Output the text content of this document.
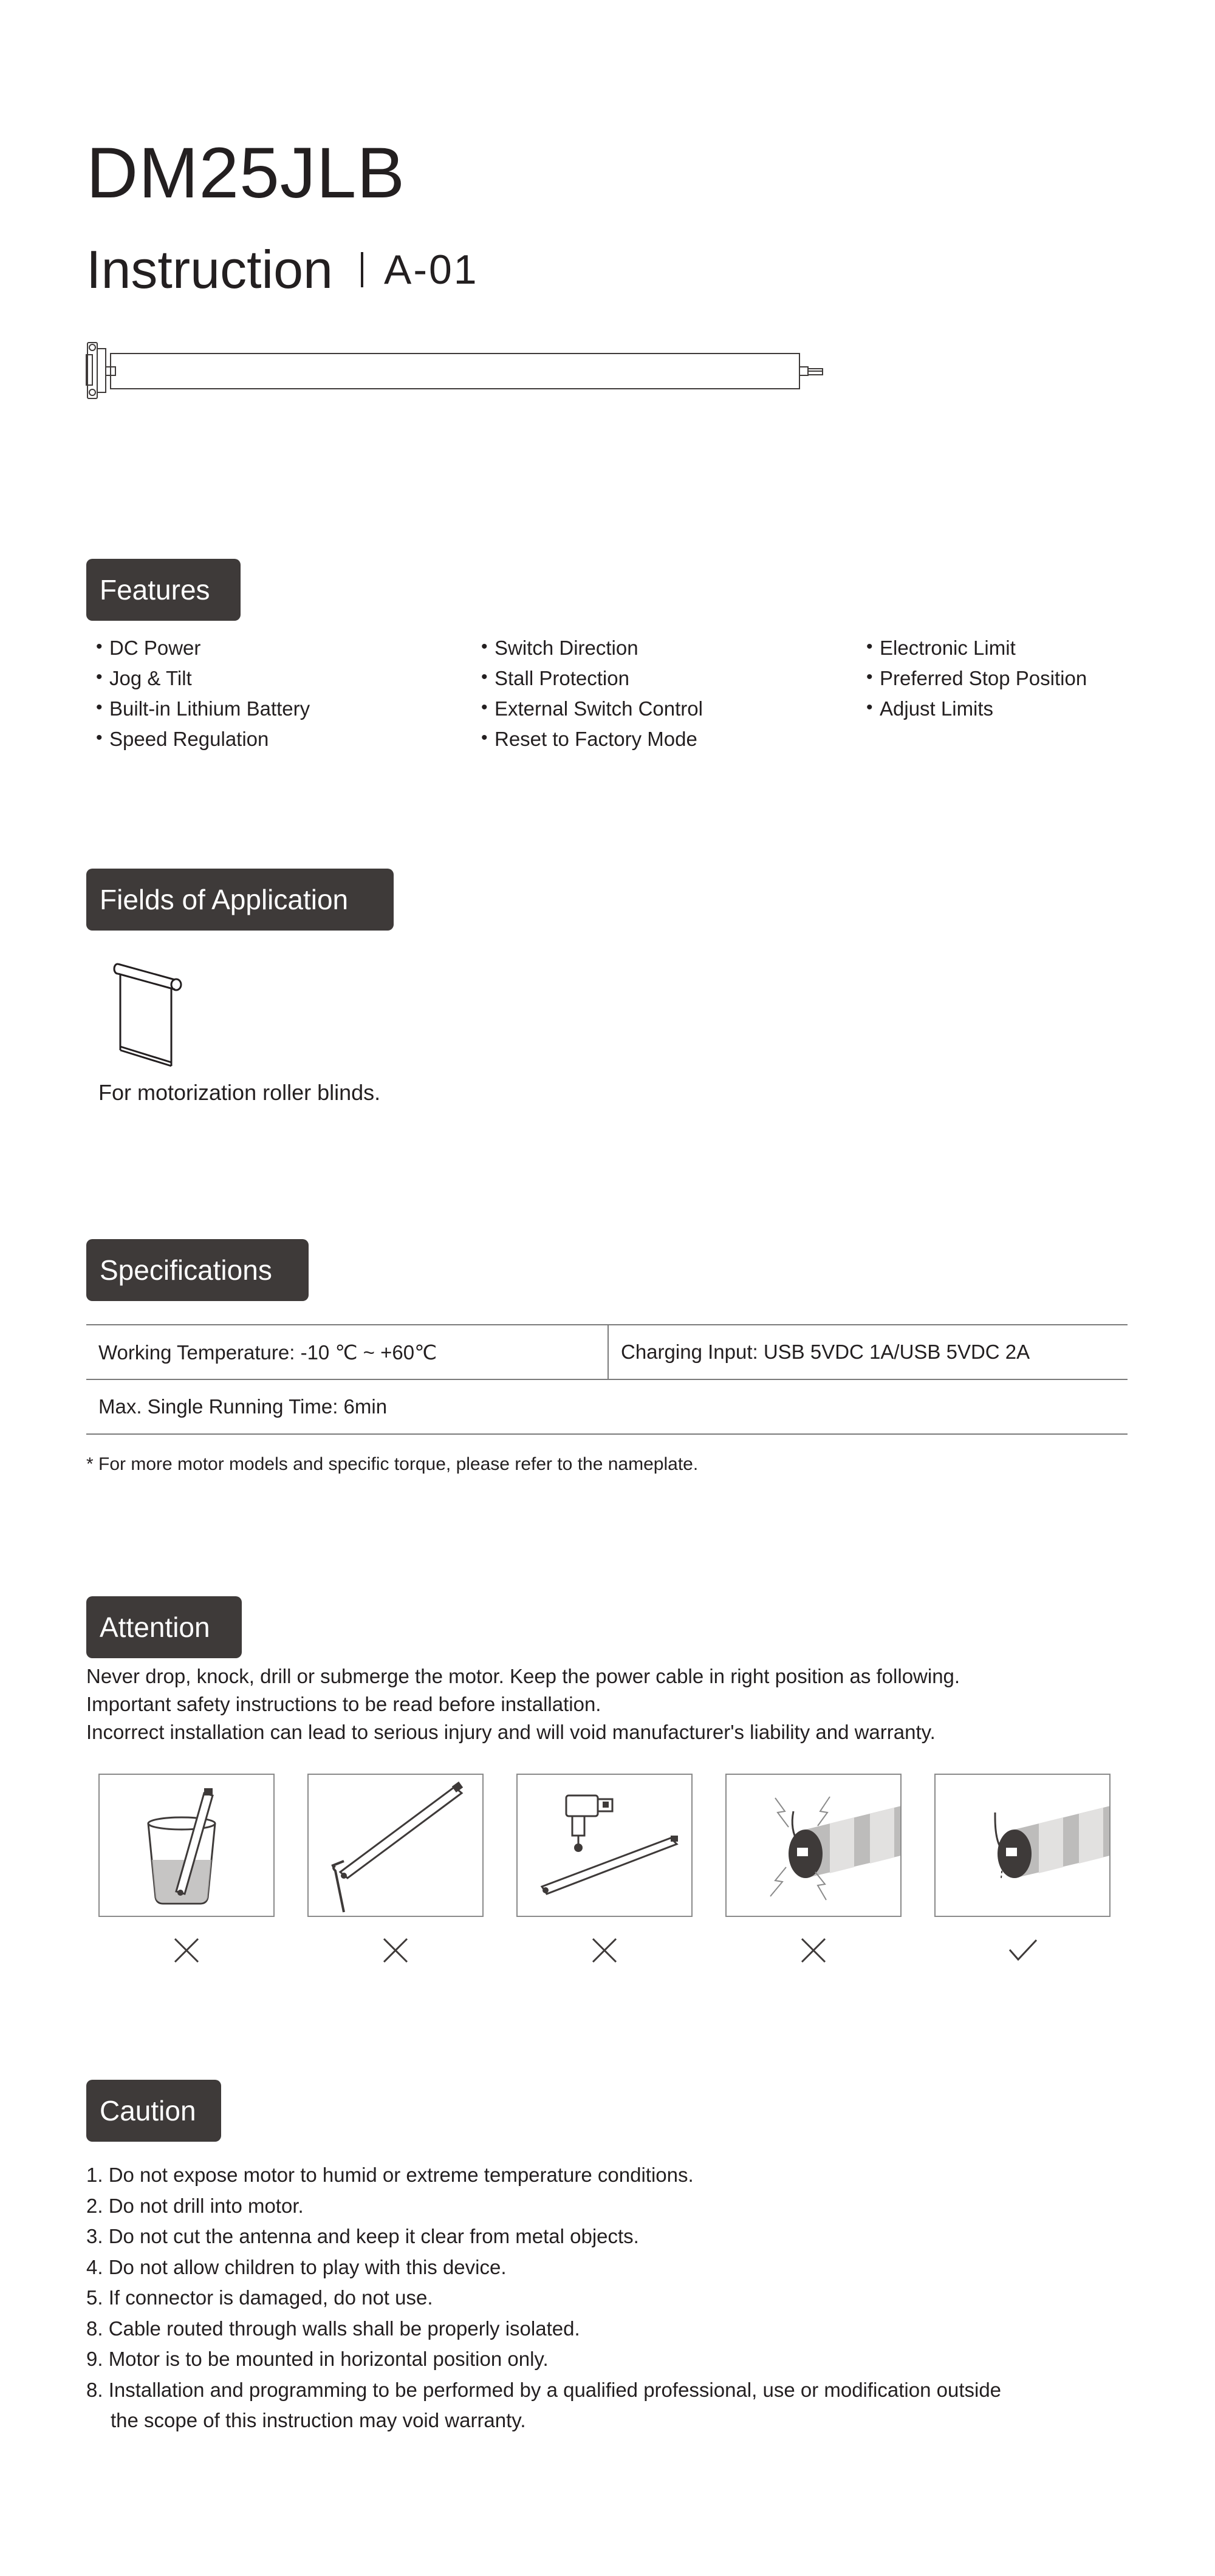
DM25JLB
Instruction A-01
Features
• DC Power
• Jog & Tilt
• Built-in Lithium Battery
• Speed Regulation
• Switch Direction
• Stall Protection
• External Switch Control
• Reset to Factory Mode
• Electronic Limit
• Preferred Stop Position
• Adjust Limits
Fields of Application
For motorization roller blinds.
Specifications
Working Temperature: -10 ℃ ~ +60℃	Charging Input: USB 5VDC 1A/USB 5VDC 2A
Max. Single Running Time: 6min
* For more motor models and specific torque, please refer to the nameplate.
Attention
Never drop, knock, drill or submerge the motor. Keep the power cable in right position as following.
Important safety instructions to be read before installation.
Incorrect installation can lead to serious injury and will void manufacturer's liability and warranty.
Caution
1. Do not expose motor to humid or extreme temperature conditions.
2. Do not drill into motor.
3. Do not cut the antenna and keep it clear from metal objects.
4. Do not allow children to play with this device.
5. If connector is damaged, do not use.
8. Cable routed through walls shall be properly isolated.
9. Motor is to be mounted in horizontal position only.
8. Installation and programming to be performed by a qualified professional, use or modification outside
the scope of this instruction may void warranty.
